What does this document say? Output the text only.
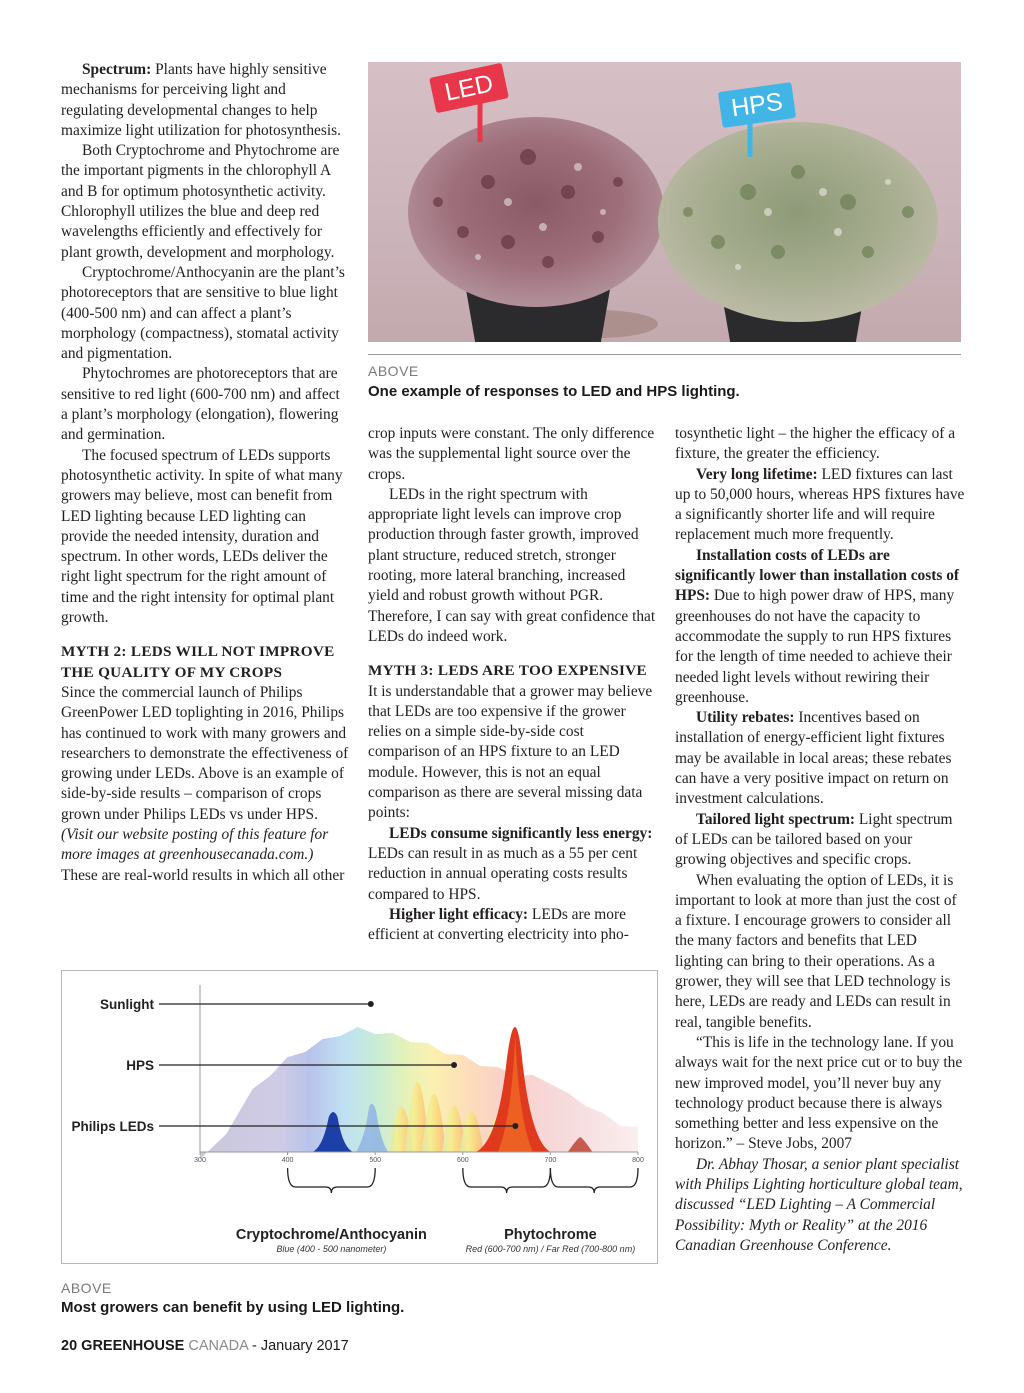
Spectrum: Plants have highly sensitive mechanisms for perceiving light and regulating developmental changes to help maximize light utilization for photosynthesis.

Both Cryptochrome and Phytochrome are the important pigments in the chlorophyll A and B for optimum photosynthetic activity. Chlorophyll utilizes the blue and deep red wavelengths efficiently and effectively for plant growth, development and morphology.

Cryptochrome/Anthocyanin are the plant’s photoreceptors that are sensitive to blue light (400-500 nm) and can affect a plant’s morphology (compactness), stomatal activity and pigmentation.

Phytochromes are photoreceptors that are sensitive to red light (600-700 nm) and affect a plant’s morphology (elongation), flowering and germination.

The focused spectrum of LEDs supports photosynthetic activity. In spite of what many growers may believe, most can benefit from LED lighting because LED lighting can provide the needed intensity, duration and spectrum. In other words, LEDs deliver the right light spectrum for the right amount of time and the right intensity for optimal plant growth.

MYTH 2: LEDS WILL NOT IMPROVE THE QUALITY OF MY CROPS

Since the commercial launch of Philips GreenPower LED toplighting in 2016, Philips has continued to work with many growers and researchers to demonstrate the effectiveness of growing under LEDs. Above is an example of side-by-side results – comparison of crops grown under Philips LEDs vs under HPS. (Visit our website posting of this feature for more images at greenhousecanada.com.) These are real-world results in which all other

LED	HPS
ABOVE
One example of responses to LED and HPS lighting.

crop inputs were constant. The only difference was the supplemental light source over the crops.

LEDs in the right spectrum with appropriate light levels can improve crop production through faster growth, improved plant structure, reduced stretch, stronger rooting, more lateral branching, increased yield and robust growth without PGR. Therefore, I can say with great confidence that LEDs do indeed work.

MYTH 3: LEDS ARE TOO EXPENSIVE

It is understandable that a grower may believe that LEDs are too expensive if the grower relies on a simple side-by-side cost comparison of an HPS fixture to an LED module. However, this is not an equal comparison as there are several missing data points:

LEDs consume significantly less energy: LEDs can result in as much as a 55 per cent reduction in annual operating costs results compared to HPS.

Higher light efficacy: LEDs are more efficient at converting electricity into pho-

tosynthetic light – the higher the efficacy of a fixture, the greater the efficiency.

Very long lifetime: LED fixtures can last up to 50,000 hours, whereas HPS fixtures have a significantly shorter life and will require replacement much more frequently.

Installation costs of LEDs are significantly lower than installation costs of HPS: Due to high power draw of HPS, many greenhouses do not have the capacity to accommodate the supply to run HPS fixtures for the length of time needed to achieve their needed light levels without rewiring their greenhouse.

Utility rebates: Incentives based on installation of energy-efficient light fixtures may be available in local areas; these rebates can have a very positive impact on return on investment calculations.

Tailored light spectrum: Light spectrum of LEDs can be tailored based on your growing objectives and specific crops.

When evaluating the option of LEDs, it is important to look at more than just the cost of a fixture. I encourage growers to consider all the many factors and benefits that LED lighting can bring to their operations. As a grower, they will see that LED technology is here, LEDs are ready and LEDs can result in real, tangible benefits.

“This is life in the technology lane. If you always wait for the next price cut or to buy the new improved model, you’ll never buy any technology product because there is always something better and less expensive on the horizon.” – Steve Jobs, 2007

Dr. Abhay Thosar, a senior plant specialist with Philips Lighting horticulture global team, discussed “LED Lighting – A Commercial Possibility: Myth or Reality” at the 2016 Canadian Greenhouse Conference.

300	400	500	600	700	800
Sunlight
HPS
Philips LEDs
Cryptochrome/Anthocyanin
Blue (400 - 500 nanometer)
Phytochrome
Red (600-700 nm) / Far Red (700-800 nm)
ABOVE
Most growers can benefit by using LED lighting.
20 GREENHOUSE CANADA - January 2017
